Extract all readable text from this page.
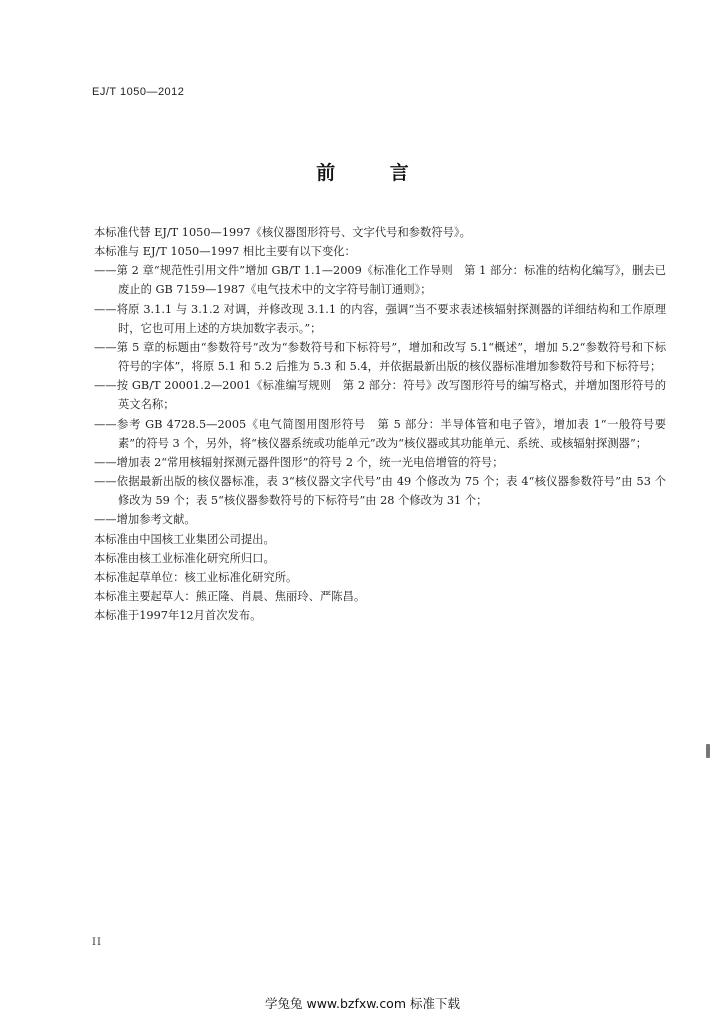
EJ/T 1050—2012
前 言

本标准代替 EJ/T 1050—1997《核仪器图形符号、文字代号和参数符号》。

本标准与 EJ/T 1050—1997 相比主要有以下变化：

——第 2 章“规范性引用文件”增加 GB/T 1.1—2009《标准化工作导则　第 1 部分：标准的结构化编写》，删去已废止的 GB 7159—1987《电气技术中的文字符号制订通则》；

——将原 3.1.1 与 3.1.2 对调，并修改现 3.1.1 的内容，强调“当不要求表述核辐射探测器的详细结构和工作原理时，它也可用上述的方块加数字表示。”；

——第 5 章的标题由“参数符号”改为“参数符号和下标符号”，增加和改写 5.1“概述”，增加 5.2“参数符号和下标符号的字体”，将原 5.1 和 5.2 后推为 5.3 和 5.4，并依据最新出版的核仪器标准增加参数符号和下标符号；

——按 GB/T 20001.2—2001《标准编写规则　第 2 部分：符号》改写图形符号的编写格式，并增加图形符号的英文名称；

——参考 GB 4728.5—2005《电气简图用图形符号　第 5 部分：半导体管和电子管》，增加表 1“一般符号要素”的符号 3 个，另外，将“核仪器系统或功能单元”改为“核仪器或其功能单元、系统、或核辐射探测器”；

——增加表 2“常用核辐射探测元器件图形”的符号 2 个，统一光电倍增管的符号；

——依据最新出版的核仪器标准，表 3“核仪器文字代号”由 49 个修改为 75 个；表 4“核仪器参数符号”由 53 个修改为 59 个；表 5“核仪器参数符号的下标符号”由 28 个修改为 31 个；

——增加参考文献。

本标准由中国核工业集团公司提出。

本标准由核工业标准化研究所归口。

本标准起草单位：核工业标准化研究所。

本标准主要起草人：熊正隆、肖晨、焦丽玲、严陈昌。

本标准于1997年12月首次发布。

II
学兔兔 www.bzfxw.com 标准下载
